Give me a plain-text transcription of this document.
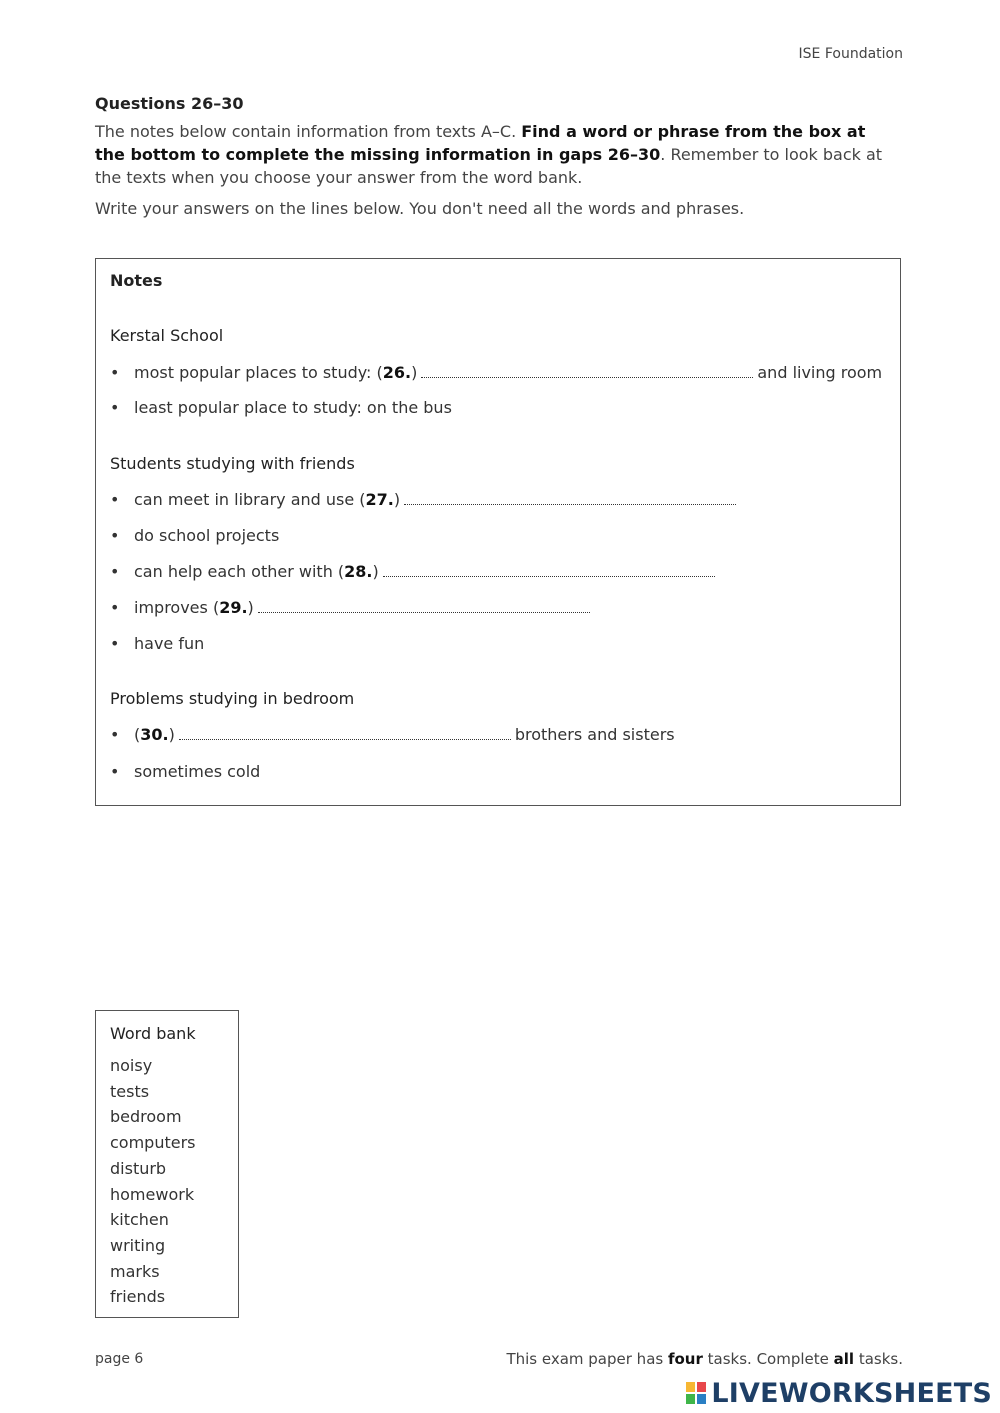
ISE Foundation
Questions 26–30
The notes below contain information from texts A–C. Find a word or phrase from the box at the bottom to complete the missing information in gaps 26–30. Remember to look back at the texts when you choose your answer from the word bank.
Write your answers on the lines below. You don't need all the words and phrases.
Notes
Kerstal School
• most popular places to study: (26.)	and living room
• least popular place to study: on the bus
Students studying with friends
• can meet in library and use (27.)
• do school projects
• can help each other with (28.)
• improves (29.)
• have fun
Problems studying in bedroom
• (30.)	brothers and sisters
• sometimes cold
Word bank
noisy
tests
bedroom
computers
disturb
homework
kitchen
writing
marks
friends
page 6	This exam paper has four tasks. Complete all tasks.
LIVEWORKSHEETS
